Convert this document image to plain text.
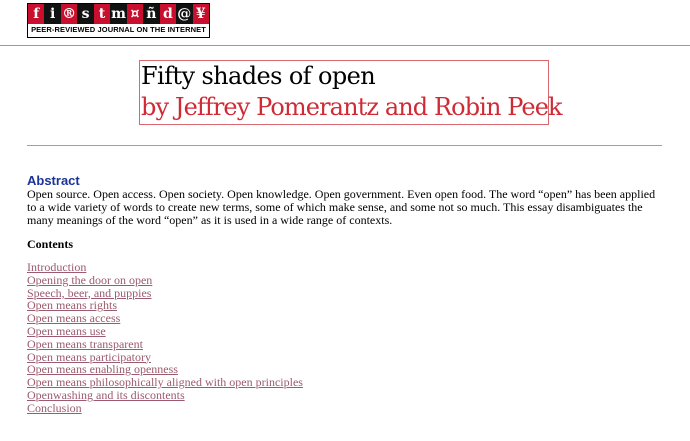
f i ® s t m ¤ ñ d @ ¥
PEER-REVIEWED JOURNAL ON THE INTERNET
Fifty shades of open
by Jeffrey Pomerantz and Robin Peek
Abstract

Open source. Open access. Open society. Open knowledge. Open government. Even open food. The word “open” has been applied to a wide variety of words to create new terms, some of which make sense, and some not so much. This essay disambiguates the many meanings of the word “open” as it is used in a wide range of contexts.

Contents
Introduction
Opening the door on open
Speech, beer, and puppies
Open means rights
Open means access
Open means use
Open means transparent
Open means participatory
Open means enabling openness
Open means philosophically aligned with open principles
Openwashing and its discontents
Conclusion
